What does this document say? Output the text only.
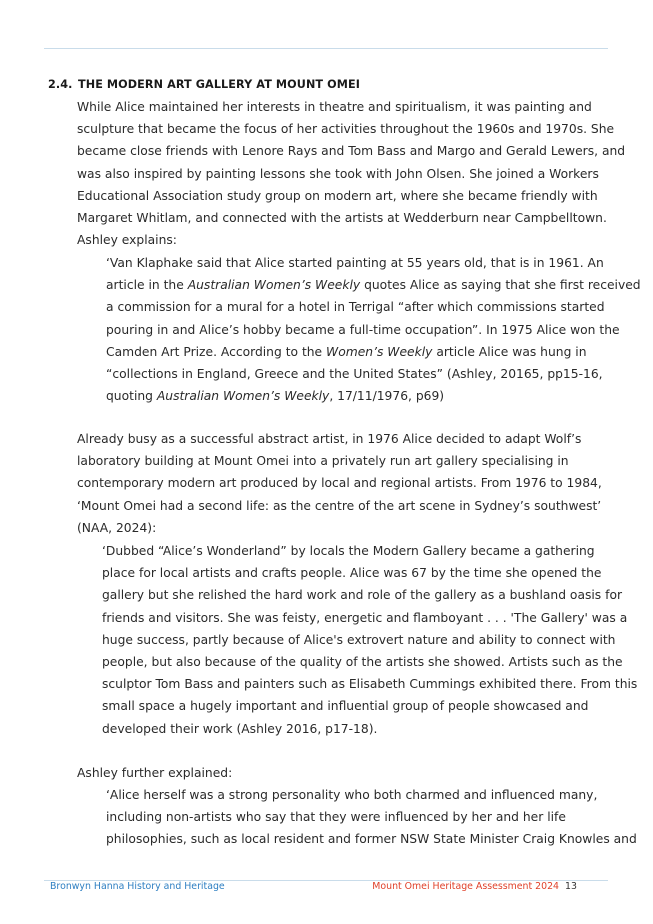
2.4. THE MODERN ART GALLERY AT MOUNT OMEI
While Alice maintained her interests in theatre and spiritualism, it was painting and
sculpture that became the focus of her activities throughout the 1960s and 1970s. She
became close friends with Lenore Rays and Tom Bass and Margo and Gerald Lewers, and
was also inspired by painting lessons she took with John Olsen. She joined a Workers
Educational Association study group on modern art, where she became friendly with
Margaret Whitlam, and connected with the artists at Wedderburn near Campbelltown.
Ashley explains:
‘Van Klaphake said that Alice started painting at 55 years old, that is in 1961. An
article in the Australian Women’s Weekly quotes Alice as saying that she first received
a commission for a mural for a hotel in Terrigal “after which commissions started
pouring in and Alice’s hobby became a full-time occupation”. In 1975 Alice won the
Camden Art Prize. According to the Women’s Weekly article Alice was hung in
“collections in England, Greece and the United States” (Ashley, 20165, pp15-16,
quoting Australian Women’s Weekly, 17/11/1976, p69)
Already busy as a successful abstract artist, in 1976 Alice decided to adapt Wolf’s
laboratory building at Mount Omei into a privately run art gallery specialising in
contemporary modern art produced by local and regional artists. From 1976 to 1984,
‘Mount Omei had a second life: as the centre of the art scene in Sydney’s southwest’
(NAA, 2024):
‘Dubbed “Alice’s Wonderland” by locals the Modern Gallery became a gathering
place for local artists and crafts people. Alice was 67 by the time she opened the
gallery but she relished the hard work and role of the gallery as a bushland oasis for
friends and visitors. She was feisty, energetic and flamboyant . . . 'The Gallery' was a
huge success, partly because of Alice's extrovert nature and ability to connect with
people, but also because of the quality of the artists she showed. Artists such as the
sculptor Tom Bass and painters such as Elisabeth Cummings exhibited there. From this
small space a hugely important and influential group of people showcased and
developed their work (Ashley 2016, p17-18).
Ashley further explained:
‘Alice herself was a strong personality who both charmed and influenced many,
including non-artists who say that they were influenced by her and her life
philosophies, such as local resident and former NSW State Minister Craig Knowles and
Bronwyn Hanna History and Heritage	Mount Omei Heritage Assessment 2024 13
